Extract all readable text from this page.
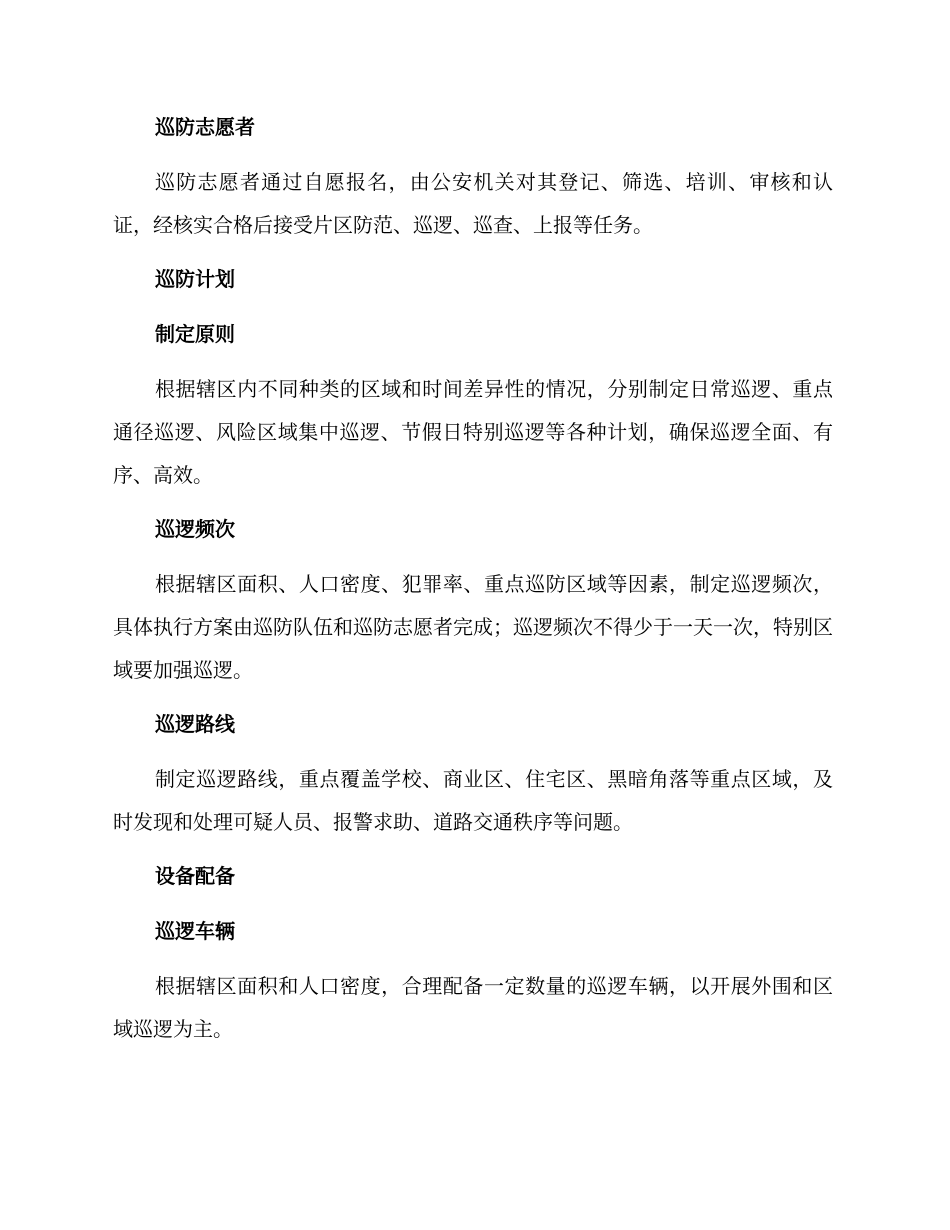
巡防志愿者

巡防志愿者通过自愿报名，由公安机关对其登记、筛选、培训、审核和认证，经核实合格后接受片区防范、巡逻、巡查、上报等任务。

巡防计划
制定原则

根据辖区内不同种类的区域和时间差异性的情况，分别制定日常巡逻、重点通径巡逻、风险区域集中巡逻、节假日特别巡逻等各种计划，确保巡逻全面、有序、高效。

巡逻频次

根据辖区面积、人口密度、犯罪率、重点巡防区域等因素，制定巡逻频次，具体执行方案由巡防队伍和巡防志愿者完成；巡逻频次不得少于一天一次，特别区域要加强巡逻。

巡逻路线

制定巡逻路线，重点覆盖学校、商业区、住宅区、黑暗角落等重点区域，及时发现和处理可疑人员、报警求助、道路交通秩序等问题。

设备配备
巡逻车辆

根据辖区面积和人口密度，合理配备一定数量的巡逻车辆，以开展外围和区域巡逻为主。
